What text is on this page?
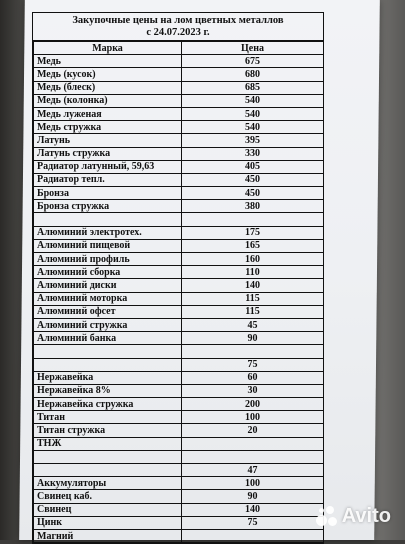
Закупочные цены на лом цветных металлов
с 24.07.2023 г.
Марка	Цена
Медь	675
Медь (кусок)	680
Медь (блеск)	685
Медь (колонка)	540
Медь луженая	540
Медь стружка	540
Латунь	395
Латунь стружка	330
Радиатор латунный, 59,63	405
Радиатор тепл.	450
Бронза	450
Бронза стружка	380

Алюминий электротех.	175
Алюминий пищевой	165
Алюминий профиль	160
Алюминий сборка	110
Алюминий диски	140
Алюминий моторка	115
Алюминий офсет	115
Алюминий стружка	45
Алюминий банка	90

	75
Нержавейка	60
Нержавейка 8%	30
Нержавейка стружка	200
Титан	100
Титан стружка	20
ТНЖ	

	47
Аккумуляторы	100
Свинец каб.	90
Свинец	140
Цинк	75
Магний	
Avito
